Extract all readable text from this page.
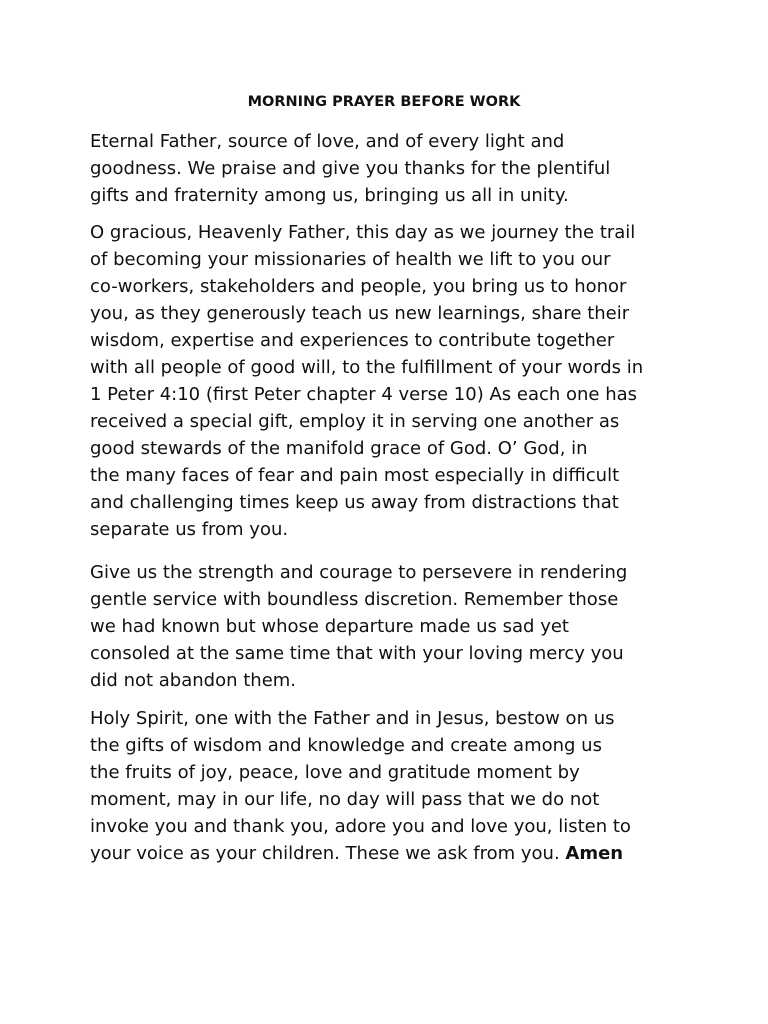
MORNING PRAYER BEFORE WORK
Eternal Father, source of love, and of every light and
goodness. We praise and give you thanks for the plentiful
gifts and fraternity among us, bringing us all in unity.
O gracious, Heavenly Father, this day as we journey the trail
of becoming your missionaries of health we lift to you our
co-workers, stakeholders and people, you bring us to honor
you, as they generously teach us new learnings, share their
wisdom, expertise and experiences to contribute together
with all people of good will, to the fulfillment of your words in
1 Peter 4:10 (first Peter chapter 4 verse 10) As each one has
received a special gift, employ it in serving one another as
good stewards of the manifold grace of God. O’ God, in
the many faces of fear and pain most especially in difficult
and challenging times keep us away from distractions that
separate us from you.
Give us the strength and courage to persevere in rendering
gentle service with boundless discretion. Remember those
we had known but whose departure made us sad yet
consoled at the same time that with your loving mercy you
did not abandon them.
Holy Spirit, one with the Father and in Jesus, bestow on us
the gifts of wisdom and knowledge and create among us
the fruits of joy, peace, love and gratitude moment by
moment, may in our life, no day will pass that we do not
invoke you and thank you, adore you and love you, listen to
your voice as your children. These we ask from you. Amen
